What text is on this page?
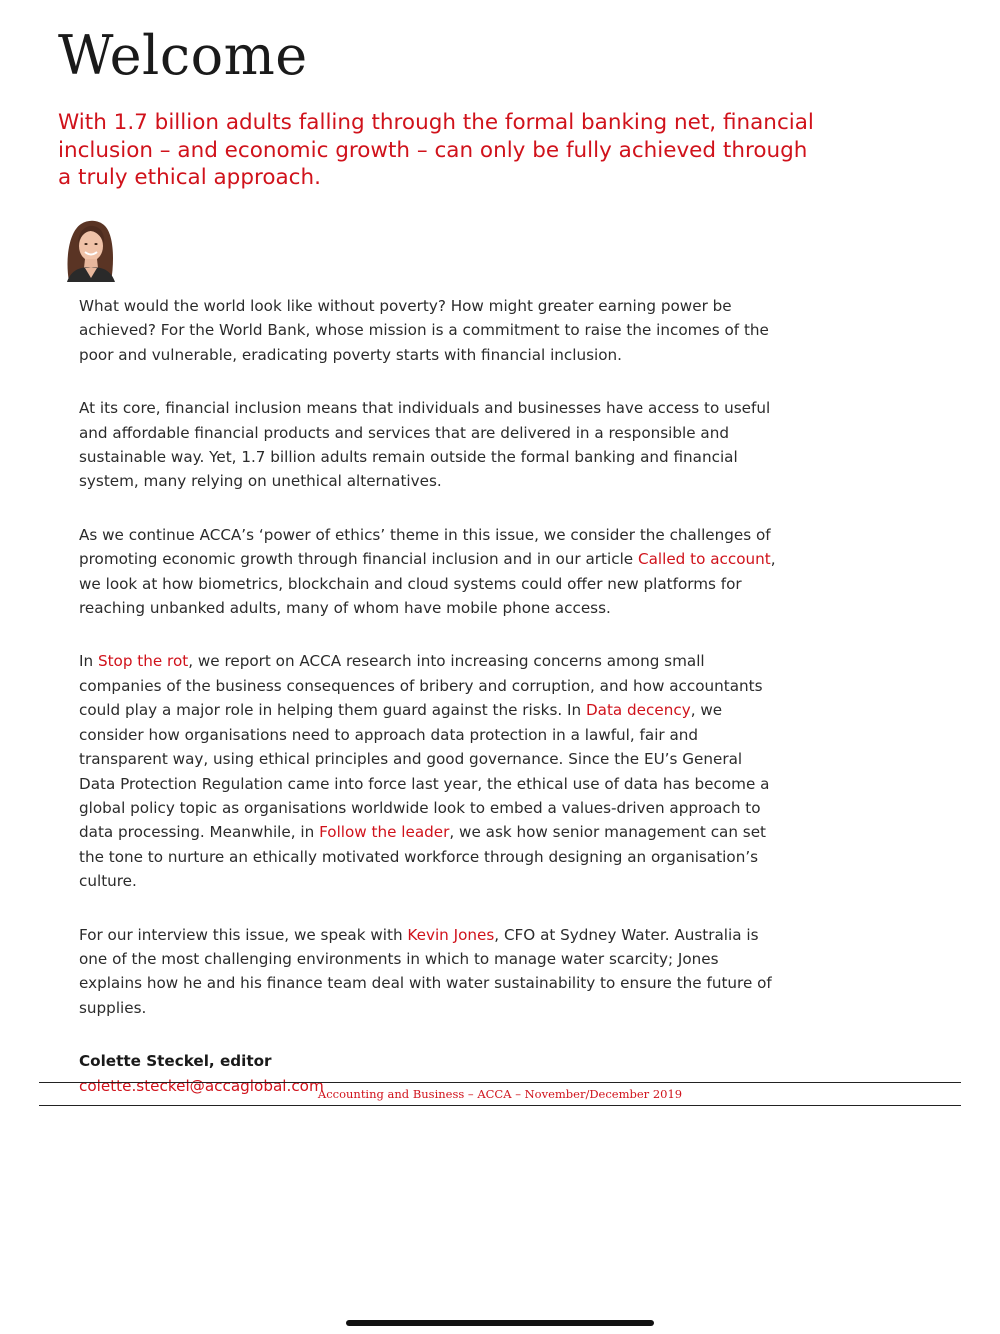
Welcome

With 1.7 billion adults falling through the formal banking net, financial inclusion – and economic growth – can only be fully achieved through a truly ethical approach.

What would the world look like without poverty? How might greater earning power be achieved? For the World Bank, whose mission is a commitment to raise the incomes of the poor and vulnerable, eradicating poverty starts with financial inclusion.

At its core, financial inclusion means that individuals and businesses have access to useful and affordable financial products and services that are delivered in a responsible and sustainable way. Yet, 1.7 billion adults remain outside the formal banking and financial system, many relying on unethical alternatives.

As we continue ACCA’s ‘power of ethics’ theme in this issue, we consider the challenges of promoting economic growth through financial inclusion and in our article Called to account, we look at how biometrics, blockchain and cloud systems could offer new platforms for reaching unbanked adults, many of whom have mobile phone access.

In Stop the rot, we report on ACCA research into increasing concerns among small companies of the business consequences of bribery and corruption, and how accountants could play a major role in helping them guard against the risks. In Data decency, we consider how organisations need to approach data protection in a lawful, fair and transparent way, using ethical principles and good governance. Since the EU’s General Data Protection Regulation came into force last year, the ethical use of data has become a global policy topic as organisations worldwide look to embed a values-driven approach to data processing. Meanwhile, in Follow the leader, we ask how senior management can set the tone to nurture an ethically motivated workforce through designing an organisation’s culture.

For our interview this issue, we speak with Kevin Jones, CFO at Sydney Water. Australia is one of the most challenging environments in which to manage water scarcity; Jones explains how he and his finance team deal with water sustainability to ensure the future of supplies.

Colette Steckel, editor
colette.steckel@accaglobal.com
Accounting and Business – ACCA – November/December 2019
